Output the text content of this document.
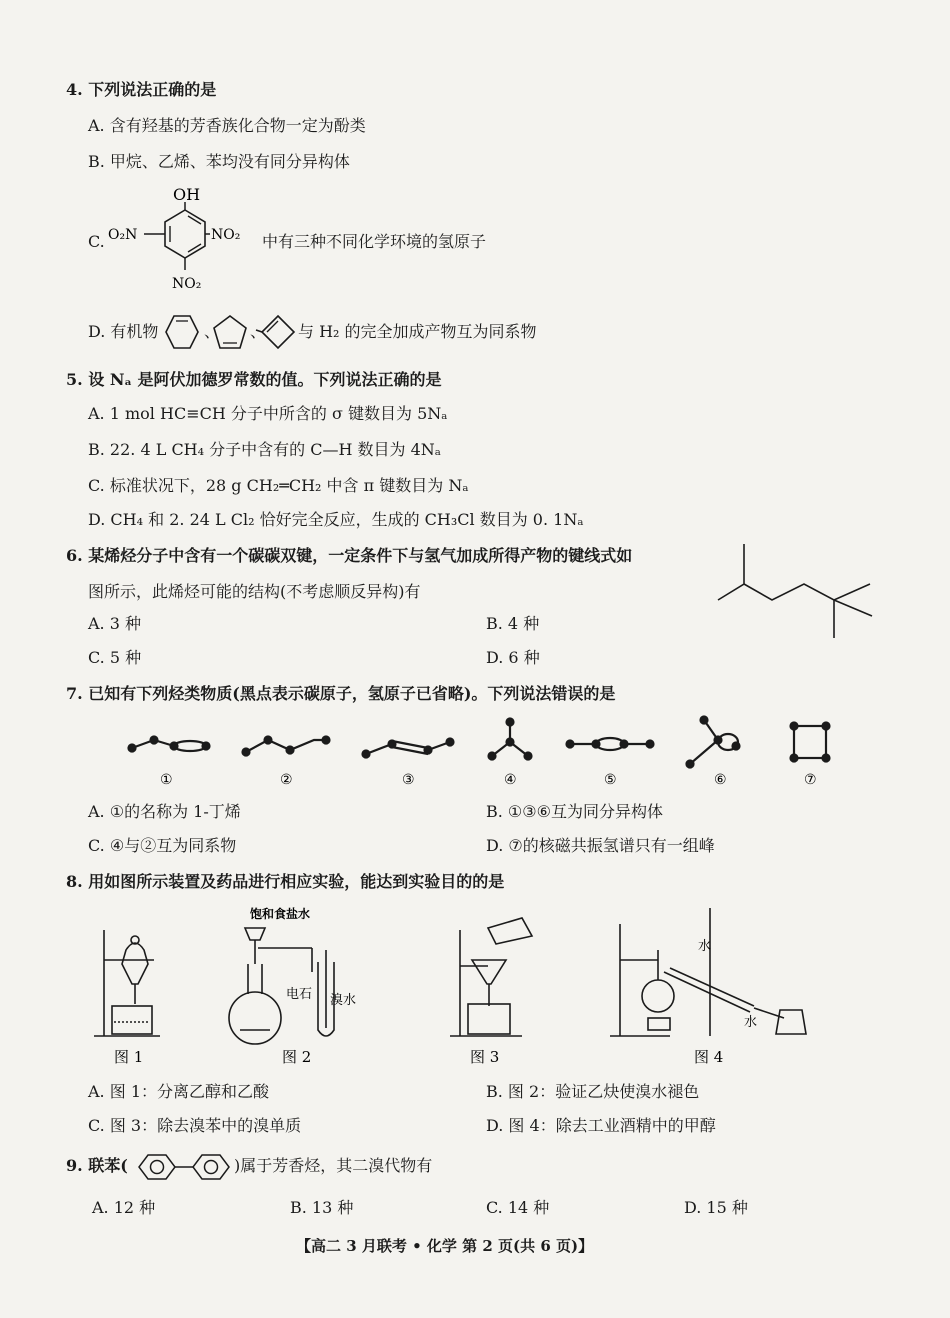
4. 下列说法正确的是
A. 含有羟基的芳香族化合物一定为酚类
B. 甲烷、乙烯、苯均没有同分异构体
C.
OH
O₂N	NO₂
NO₂
中有三种不同化学环境的氢原子
D. 有机物	、 、 与 H₂ 的完全加成产物互为同系物
5. 设 Nₐ 是阿伏加德罗常数的值。下列说法正确的是
A. 1 mol HC≡CH 分子中所含的 σ 键数目为 5Nₐ
B. 22. 4 L CH₄ 分子中含有的 C—H 数目为 4Nₐ
C. 标准状况下，28 g CH₂═CH₂ 中含 π 键数目为 Nₐ
D. CH₄ 和 2. 24 L Cl₂ 恰好完全反应，生成的 CH₃Cl 数目为 0. 1Nₐ
6. 某烯烃分子中含有一个碳碳双键，一定条件下与氢气加成所得产物的键线式如
图所示，此烯烃可能的结构(不考虑顺反异构)有
A. 3 种	B. 4 种
C. 5 种	D. 6 种
7. 已知有下列烃类物质(黑点表示碳原子，氢原子已省略)。下列说法错误的是
①	②	③	④	⑤	⑥	⑦
A. ①的名称为 1-丁烯	B. ①③⑥互为同分异构体
C. ④与②互为同系物	D. ⑦的核磁共振氢谱只有一组峰
8. 用如图所示装置及药品进行相应实验，能达到实验目的的是
饱和食盐水
电石 溴水
水
水
图 1	图 2	图 3	图 4
A. 图 1：分离乙醇和乙酸	B. 图 2：验证乙炔使溴水褪色
C. 图 3：除去溴苯中的溴单质	D. 图 4：除去工业酒精中的甲醇
9. 联苯(	)属于芳香烃，其二溴代物有
A. 12 种	B. 13 种	C. 14 种	D. 15 种
【高二 3 月联考 • 化学 第 2 页(共 6 页)】
